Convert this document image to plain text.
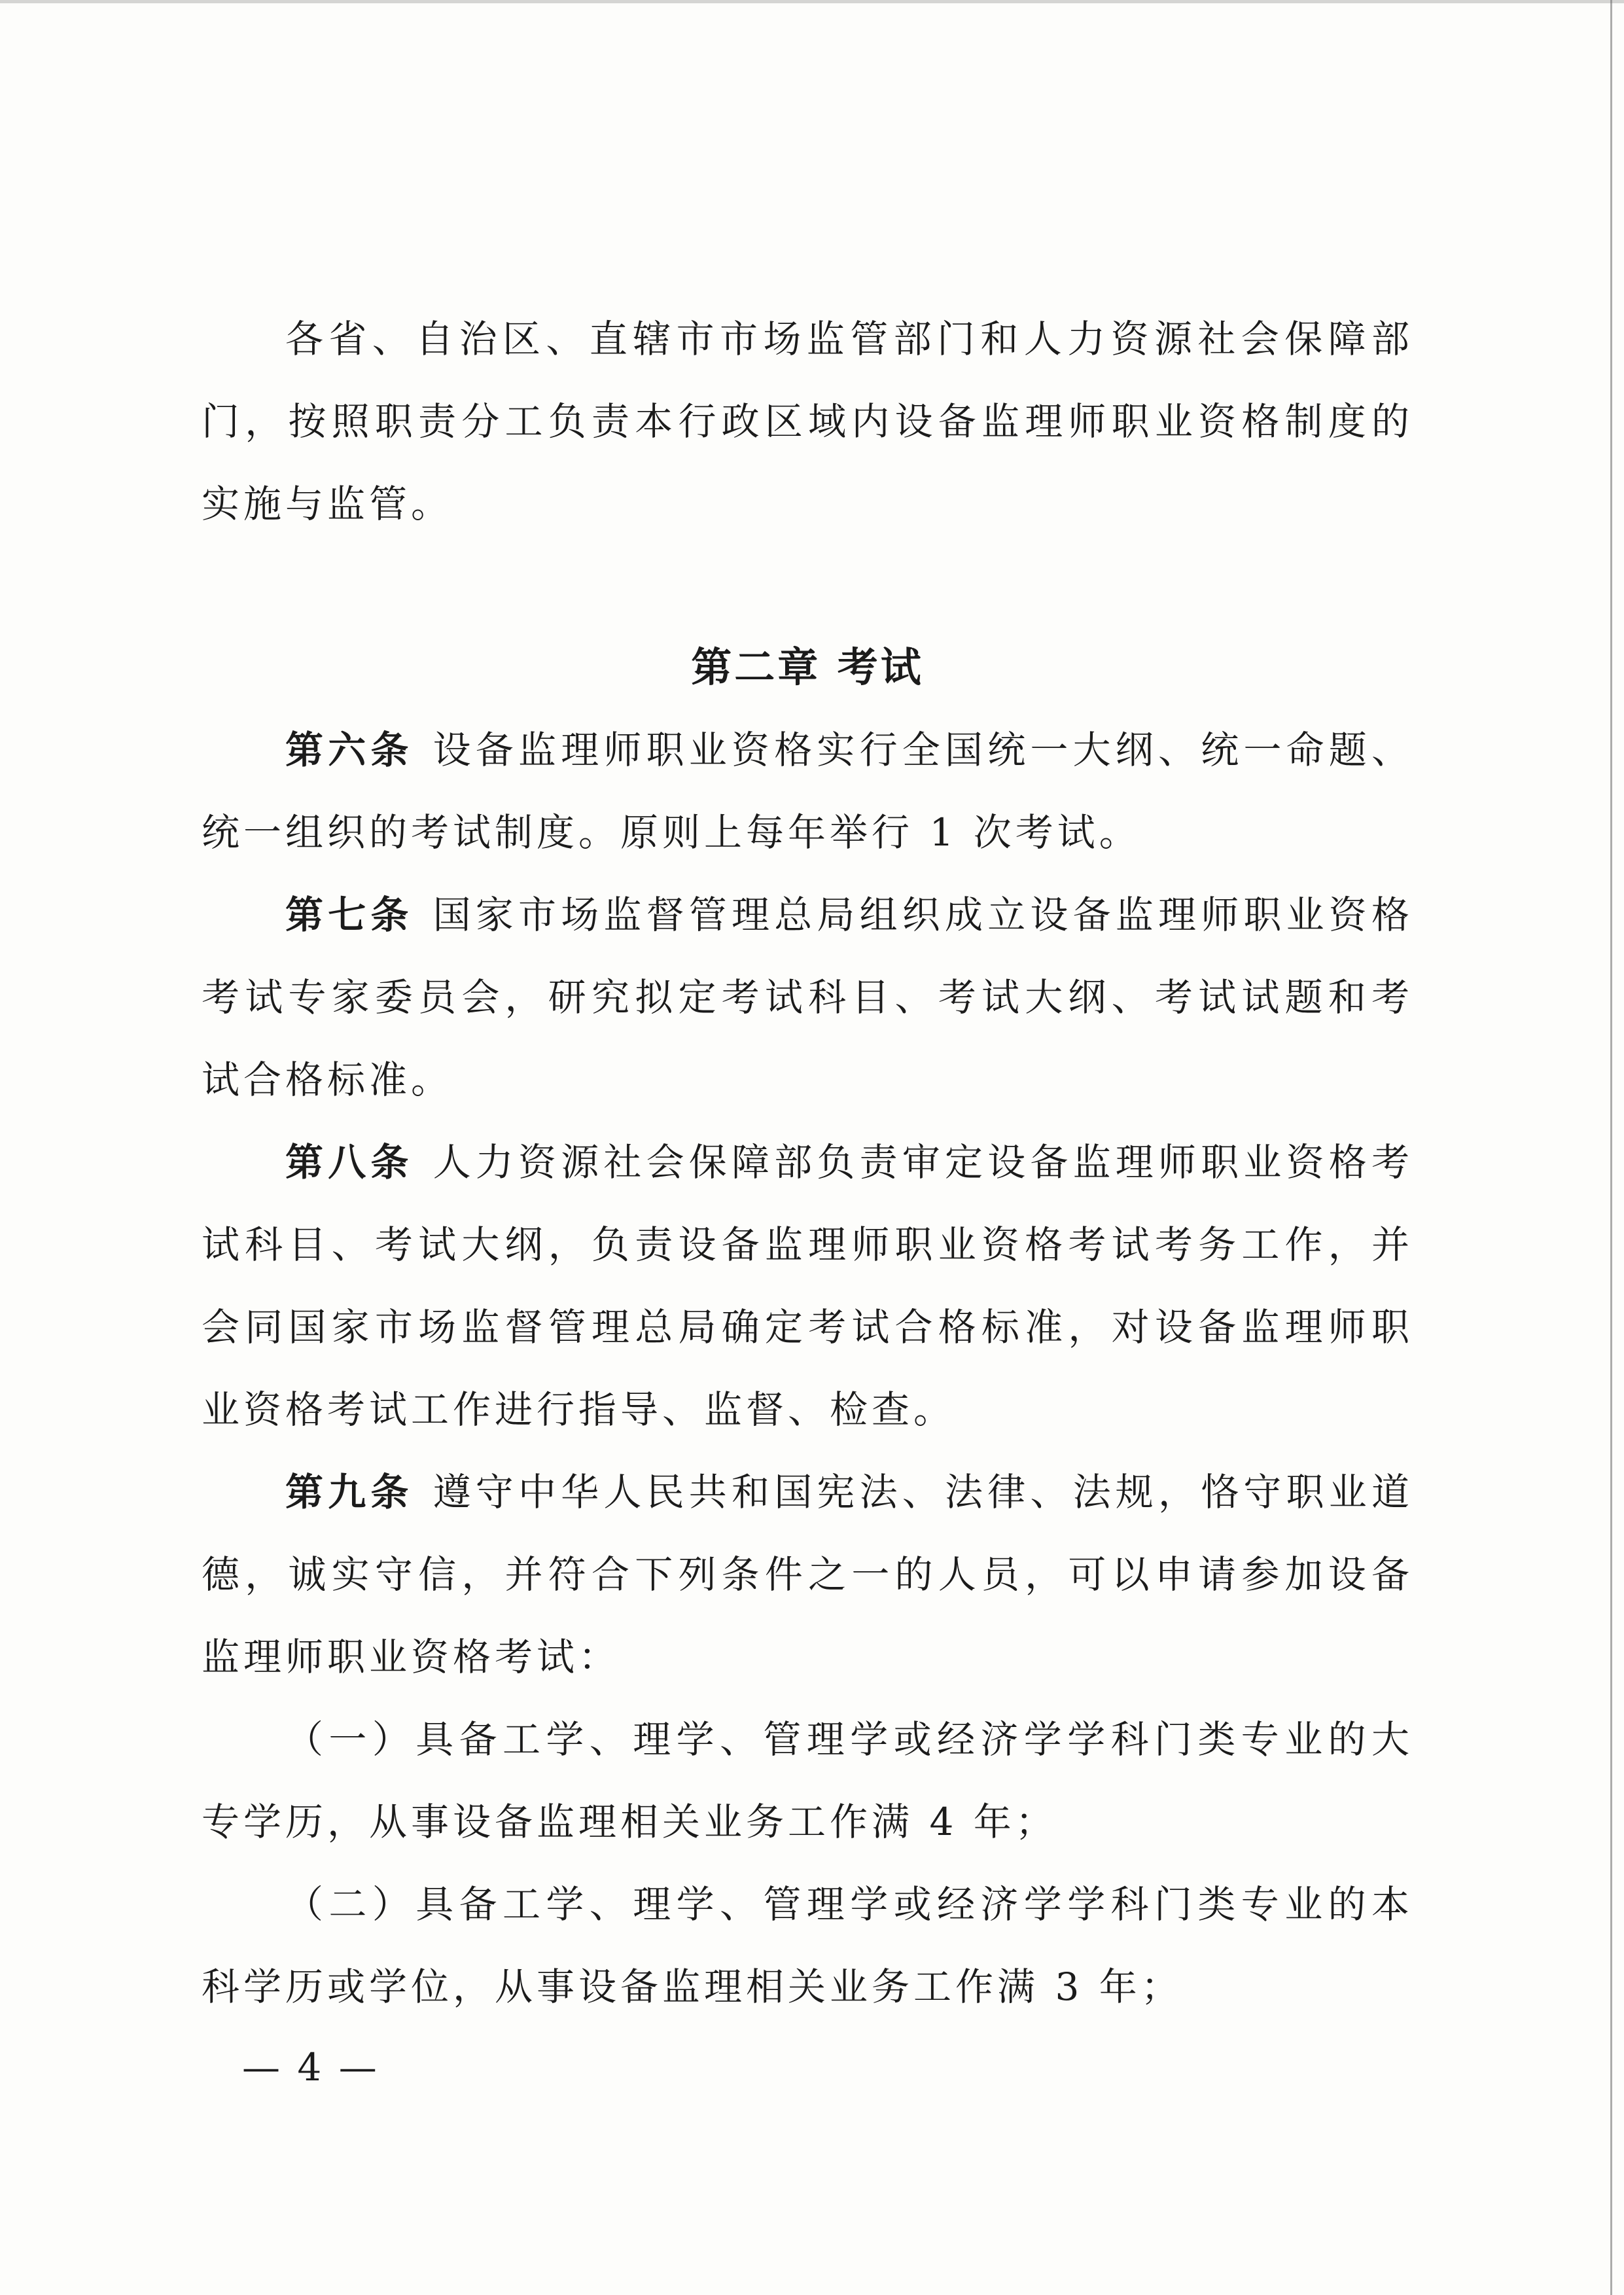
各省、自治区、直辖市市场监管部门和人力资源社会保障部门，按照职责分工负责本行政区域内设备监理师职业资格制度的实施与监管。

第二章 考试

第六条 设备监理师职业资格实行全国统一大纲、统一命题、统一组织的考试制度。原则上每年举行 1 次考试。

第七条 国家市场监督管理总局组织成立设备监理师职业资格考试专家委员会，研究拟定考试科目、考试大纲、考试试题和考试合格标准。

第八条 人力资源社会保障部负责审定设备监理师职业资格考试科目、考试大纲，负责设备监理师职业资格考试考务工作，并会同国家市场监督管理总局确定考试合格标准，对设备监理师职业资格考试工作进行指导、监督、检查。

第九条 遵守中华人民共和国宪法、法律、法规，恪守职业道德，诚实守信，并符合下列条件之一的人员，可以申请参加设备监理师职业资格考试：

（一）具备工学、理学、管理学或经济学学科门类专业的大专学历，从事设备监理相关业务工作满 4 年；

（二）具备工学、理学、管理学或经济学学科门类专业的本科学历或学位，从事设备监理相关业务工作满 3 年；

— 4 —
